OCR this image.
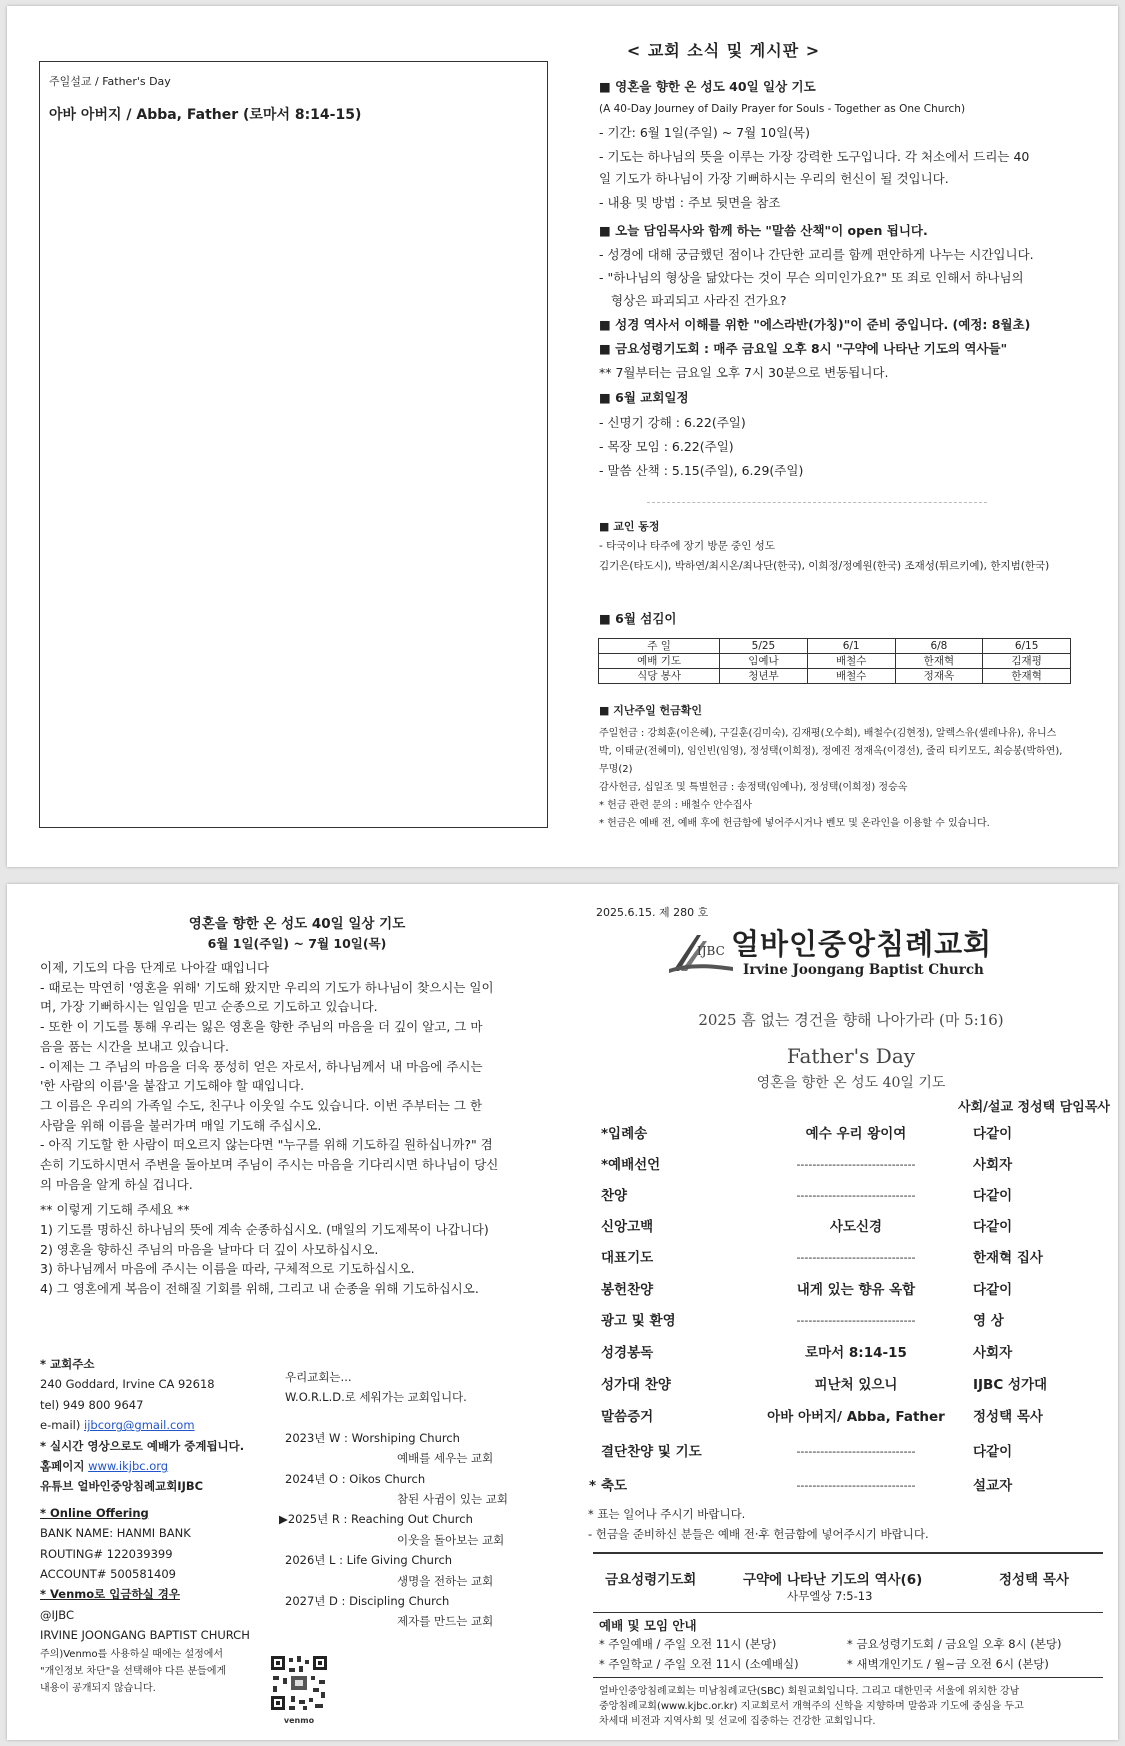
주일설교 / Father's Day
아바 아버지 / Abba, Father (로마서 8:14-15)
< 교회 소식 및 게시판 >
■ 영혼을 향한 온 성도 40일 일상 기도
(A 40-Day Journey of Daily Prayer for Souls - Together as One Church)
- 기간: 6월 1일(주일) ~ 7월 10일(목)
- 기도는 하나님의 뜻을 이루는 가장 강력한 도구입니다. 각 처소에서 드리는 40
일 기도가 하나님이 가장 기뻐하시는 우리의 헌신이 될 것입니다.
- 내용 및 방법 : 주보 뒷면을 참조
■ 오늘 담임목사와 함께 하는 "말씀 산책"이 open 됩니다.
- 성경에 대해 궁금했던 점이나 간단한 교리를 함께 편안하게 나누는 시간입니다.
- "하나님의 형상을 닮았다는 것이 무슨 의미인가요?" 또 죄로 인해서 하나님의
형상은 파괴되고 사라진 건가요?
■ 성경 역사서 이해를 위한 "에스라반(가칭)"이 준비 중입니다. (예정: 8월초)
■ 금요성령기도회 : 매주 금요일 오후 8시 "구약에 나타난 기도의 역사들"
** 7월부터는 금요일 오후 7시 30분으로 변동됩니다.
■ 6월 교회일정
- 신명기 강해 : 6.22(주일)
- 목장 모임 : 6.22(주일)
- 말씀 산책 : 5.15(주일), 6.29(주일)
■ 교인 동정
- 타국이나 타주에 장기 방문 중인 성도
김기은(타도시), 박하연/최시온/최나단(한국), 이희정/정예원(한국) 조재성(튀르키예), 한지범(한국)
■ 6월 섬김이
주 일	5/25	6/1	6/8	6/15
예배 기도	임예나	배철수	한재혁	김재평
식당 봉사	청년부	배철수	정재옥	한재혁
■ 지난주일 헌금확인
주일헌금 : 강희훈(이은혜), 구길훈(김미숙), 김재평(오수희), 배철수(김현정), 알렉스유(셀레나유), 유니스
박, 이태균(전혜미), 임인빈(임영), 정성택(이희정), 정예진 정재옥(이경선), 줄리 티키모도, 최승봉(박하연),
무명(2)
감사헌금, 십일조 및 특별헌금 : 송정택(임예나), 정성택(이희정) 정승옥
* 헌금 관련 문의 : 배철수 안수집사
* 헌금은 예배 전, 예배 후에 헌금함에 넣어주시거나 벤모 및 온라인을 이용할 수 있습니다.
영혼을 향한 온 성도 40일 일상 기도
6월 1일(주일) ~ 7월 10일(목)
이제, 기도의 다음 단계로 나아갈 때입니다
- 때로는 막연히 '영혼을 위해' 기도해 왔지만 우리의 기도가 하나님이 찾으시는 일이
며, 가장 기뻐하시는 일임을 믿고 순종으로 기도하고 있습니다.
- 또한 이 기도를 통해 우리는 잃은 영혼을 향한 주님의 마음을 더 깊이 알고, 그 마
음을 품는 시간을 보내고 있습니다.
- 이제는 그 주님의 마음을 더욱 풍성히 얻은 자로서, 하나님께서 내 마음에 주시는
'한 사람의 이름'을 붙잡고 기도해야 할 때입니다.
그 이름은 우리의 가족일 수도, 친구나 이웃일 수도 있습니다. 이번 주부터는 그 한
사람을 위해 이름을 불러가며 매일 기도해 주십시오.
- 아직 기도할 한 사람이 떠오르지 않는다면 "누구를 위해 기도하길 원하십니까?" 겸
손히 기도하시면서 주변을 돌아보며 주님이 주시는 마음을 기다리시면 하나님이 당신
의 마음을 알게 하실 겁니다.
** 이렇게 기도해 주세요 **
1) 기도를 명하신 하나님의 뜻에 계속 순종하십시오. (매일의 기도제목이 나갑니다)
2) 영혼을 향하신 주님의 마음을 날마다 더 깊이 사모하십시오.
3) 하나님께서 마음에 주시는 이름을 따라, 구체적으로 기도하십시오.
4) 그 영혼에게 복음이 전해질 기회를 위해, 그리고 내 순종을 위해 기도하십시오.
* 교회주소
240 Goddard, Irvine CA 92618
tel) 949 800 9647
e-mail) ijbcorg@gmail.com
* 실시간 영상으로도 예배가 중계됩니다.
홈페이지 www.ikjbc.org
유튜브 얼바인중앙침례교회IJBC
* Online Offering
BANK NAME: HANMI BANK
ROUTING# 122039399
ACCOUNT# 500581409
* Venmo로 입금하실 경우
@IJBC
IRVINE JOONGANG BAPTIST CHURCH
주의)Venmo를 사용하실 때에는 설정에서
"개인정보 차단"을 선택해야 다른 분들에게
내용이 공개되지 않습니다.
venmo
우리교회는...
W.O.R.L.D.로 세워가는 교회입니다.
2023년 W : Worshiping Church
예배를 세우는 교회
2024년 O : Oikos Church
참된 사귐이 있는 교회
▶2025년 R : Reaching Out Church
이웃을 돌아보는 교회
2026년 L : Life Giving Church
생명을 전하는 교회
2027년 D : Discipling Church
제자를 만드는 교회
2025.6.15. 제 280 호
IJBC 얼바인중앙침례교회
Irvine Joongang Baptist Church
2025 흠 없는 경건을 향해 나아가라 (마 5:16)
Father's Day
영혼을 향한 온 성도 40일 기도
사회/설교 정성택 담임목사
*입례송	예수 우리 왕이여	다같이
*예배선언	------------------------------	사회자
찬양	------------------------------	다같이
신앙고백	사도신경	다같이
대표기도	------------------------------	한재혁 집사
봉헌찬양	내게 있는 향유 옥합	다같이
광고 및 환영	------------------------------	영 상
성경봉독	로마서 8:14-15	사회자
성가대 찬양	피난처 있으니	IJBC 성가대
말씀증거	아바 아버지/ Abba, Father	정성택 목사
결단찬양 및 기도	------------------------------	다같이
* 축도	------------------------------	설교자
* 표는 일어나 주시기 바랍니다.
- 헌금을 준비하신 분들은 예배 전·후 헌금함에 넣어주시기 바랍니다.
금요성령기도회	구약에 나타난 기도의 역사(6)	정성택 목사
사무엘상 7:5-13
예배 및 모임 안내
* 주일예배 / 주일 오전 11시 (본당)	* 금요성령기도회 / 금요일 오후 8시 (본당)
* 주일학교 / 주일 오전 11시 (소예배실)	* 새벽개인기도 / 월~금 오전 6시 (본당)
얼바인중앙침례교회는 미남침례교단(SBC) 회원교회입니다. 그리고 대한민국 서울에 위치한 강남
중앙침례교회(www.kjbc.or.kr) 지교회로서 개혁주의 신학을 지향하며 말씀과 기도에 중심을 두고
차세대 비전과 지역사회 및 선교에 집중하는 건강한 교회입니다.
